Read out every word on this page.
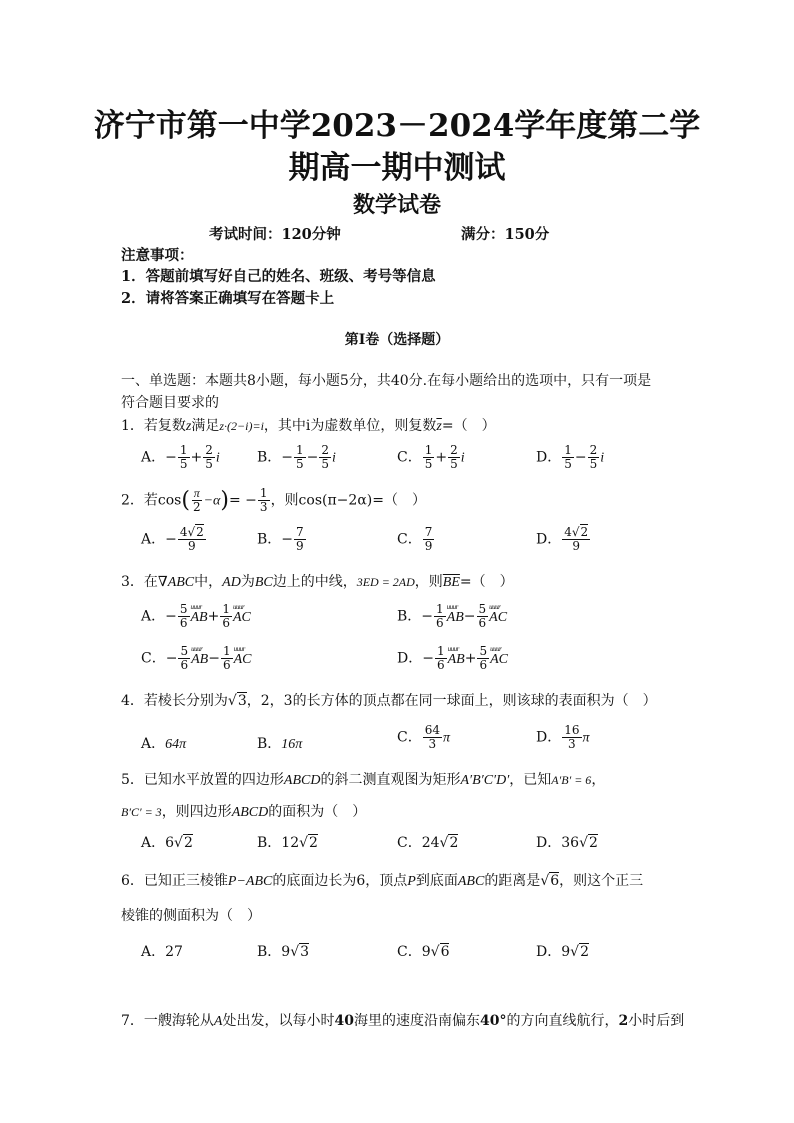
济宁市第一中学2023－2024学年度第二学
期高一期中测试
数学试卷
考试时间：120分钟	满分：150分
注意事项：
1．答题前填写好自己的姓名、班级、考号等信息
2．请将答案正确填写在答题卡上
第I卷（选择题）
一、单选题：本题共8小题，每小题5分，共40分.在每小题给出的选项中，只有一项是
符合题目要求的
1．若复数z满足z·(2−i)=i，其中i为虚数单位，则复数$\overline{z}=$（　）
A．− $\frac{1}{5} + \frac{2}{5}$ i	B．− $\frac{1}{5} - \frac{2}{5}$ i	C． $\frac{1}{5} + \frac{2}{5}$ i	D． $\frac{1}{5} - \frac{2}{5}$ i
2．若$\cos( \frac{\pi}{2} -\alpha)= - \frac{1}{3}$ ，则cos(π−2α)=（　）
A．− $\frac{4 √ 2}{9}$	B．− $\frac{7}{9}$	C． $\frac{7}{9}$	D． $\frac{4 √ 2}{9}$
3．在∇ABC中，AD为BC边上的中线，3ED = 2AD，则$\overline{BE}=$（　）
A．− $\frac{5}{6}$ uuur
$AB+ \frac{1}{6}$ uuur
AC	B．− $\frac{1}{6}$ uuur
$AB- \frac{5}{6}$ uuur
AC
C．− $\frac{5}{6}$ uuur
$AB- \frac{1}{6}$ uuur
AC	D．− $\frac{1}{6}$ uuur
$AB+ \frac{5}{6}$ uuur
AC
4．若棱长分别为 √ 3，2，3的长方体的顶点都在同一球面上，则该球的表面积为（　）
A．64π	B．16π	C． $\frac{64}{3}$ π	D． $\frac{16}{3}$ π
5．已知水平放置的四边形ABCD的斜二测直观图为矩形A′B′C′D′，已知A′B′ = 6，
B′C′ = 3，则四边形ABCD的面积为（　）
A．6 √ 2	B．12 √ 2	C．24 √ 2	D．36 √ 2
6．已知正三棱锥P−ABC的底面边长为6，顶点P到底面ABC的距离是 √ 6，则这个正三
棱锥的侧面积为（　）
A．27	B．9 √ 3	C．9 √ 6	D．9 √ 2
7．一艘海轮从A处出发，以每小时40海里的速度沿南偏东40°的方向直线航行，2小时后到
